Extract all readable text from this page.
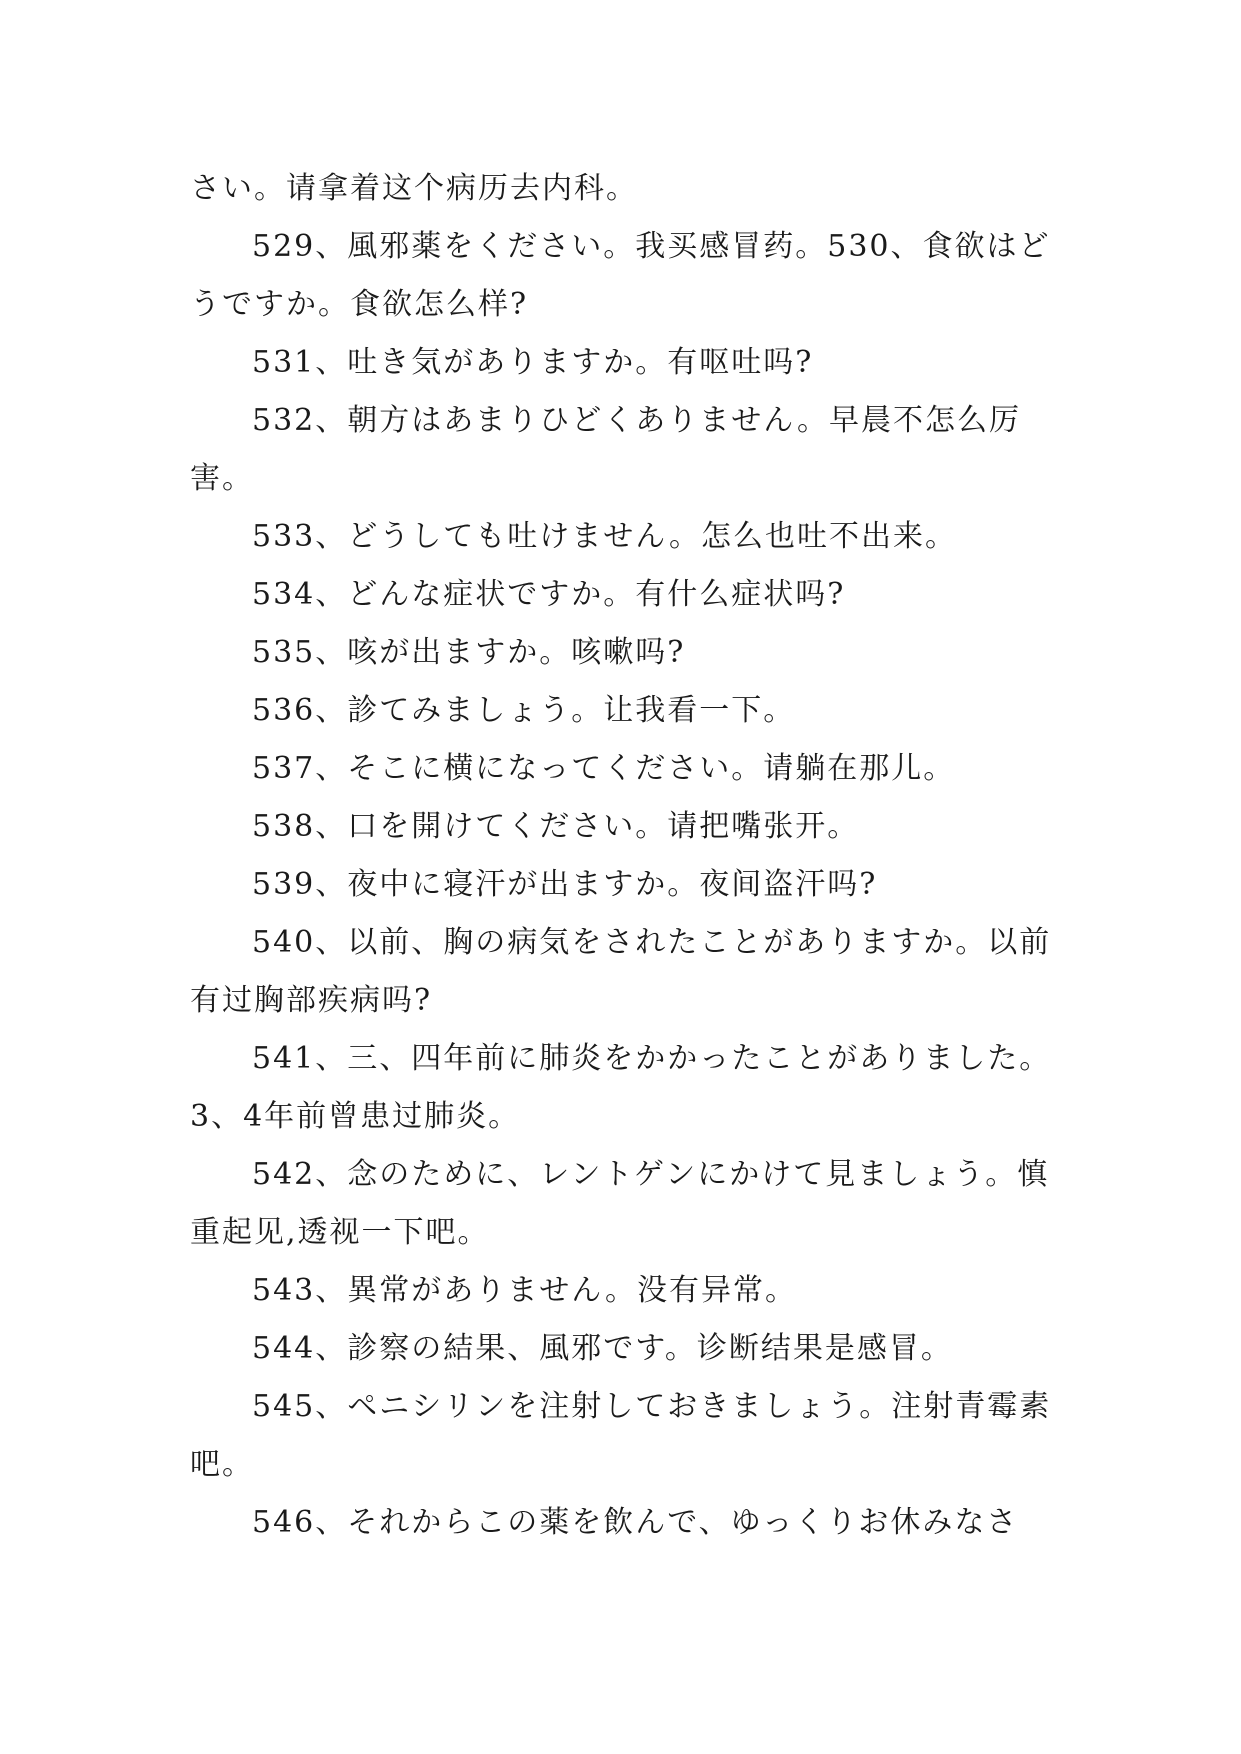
さい。请拿着这个病历去内科。

529、風邪薬をください。我买感冒药。530、食欲はどうですか。食欲怎么样?

531、吐き気がありますか。有呕吐吗?

532、朝方はあまりひどくありません。早晨不怎么厉害。

533、どうしても吐けません。怎么也吐不出来。

534、どんな症状ですか。有什么症状吗?

535、咳が出ますか。咳嗽吗?

536、診てみましょう。让我看一下。

537、そこに横になってください。请躺在那儿。

538、口を開けてください。请把嘴张开。

539、夜中に寝汗が出ますか。夜间盗汗吗?

540、以前、胸の病気をされたことがありますか。以前有过胸部疾病吗?

541、三、四年前に肺炎をかかったことがありました。3、4年前曾患过肺炎。

542、念のために、レントゲンにかけて見ましょう。慎重起见,透视一下吧。

543、異常がありません。没有异常。

544、診察の結果、風邪です。诊断结果是感冒。

545、ペニシリンを注射しておきましょう。注射青霉素吧。

546、それからこの薬を飲んで、ゆっくりお休みなさ
